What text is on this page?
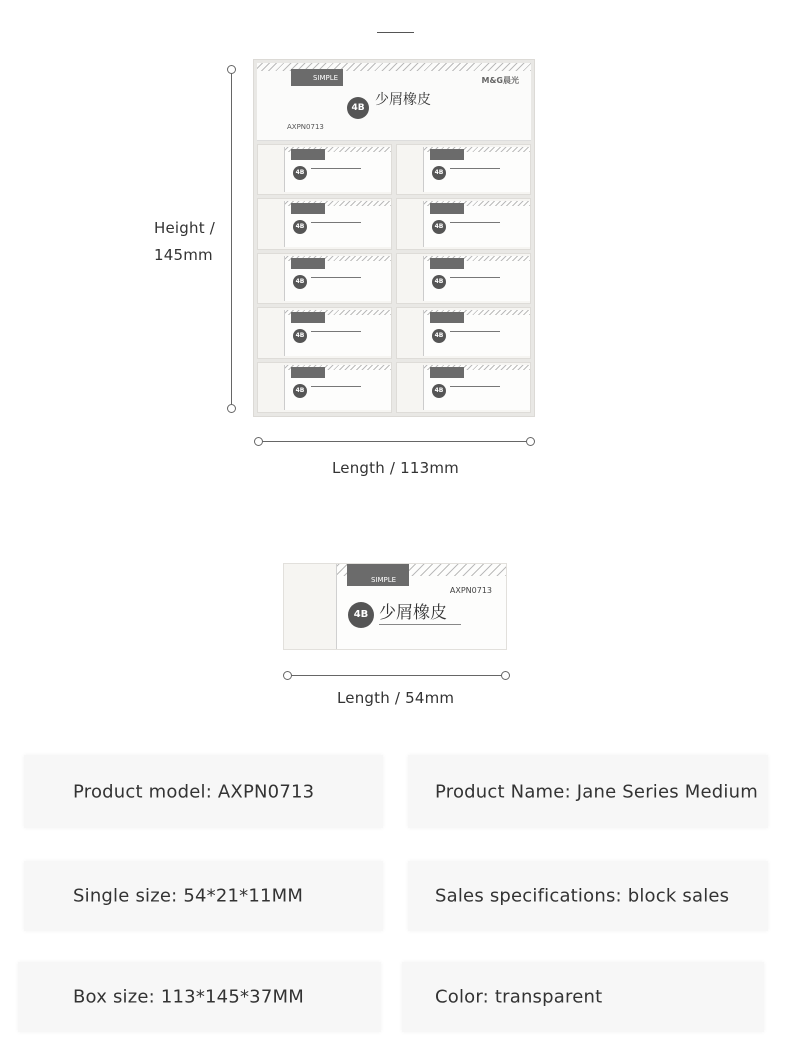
Height /
145mm
SIMPLE	M&G晨光
4B 少屑橡皮
AXPN0713
4B	4B
4B	4B
4B	4B
4B	4B
4B	4B
Length / 113mm
SIMPLE
AXPN0713
4B 少屑橡皮
Length / 54mm
Product model: AXPN0713	Product Name: Jane Series Medium
Single size: 54*21*11MM	Sales specifications: block sales
Box size: 113*145*37MM	Color: transparent
